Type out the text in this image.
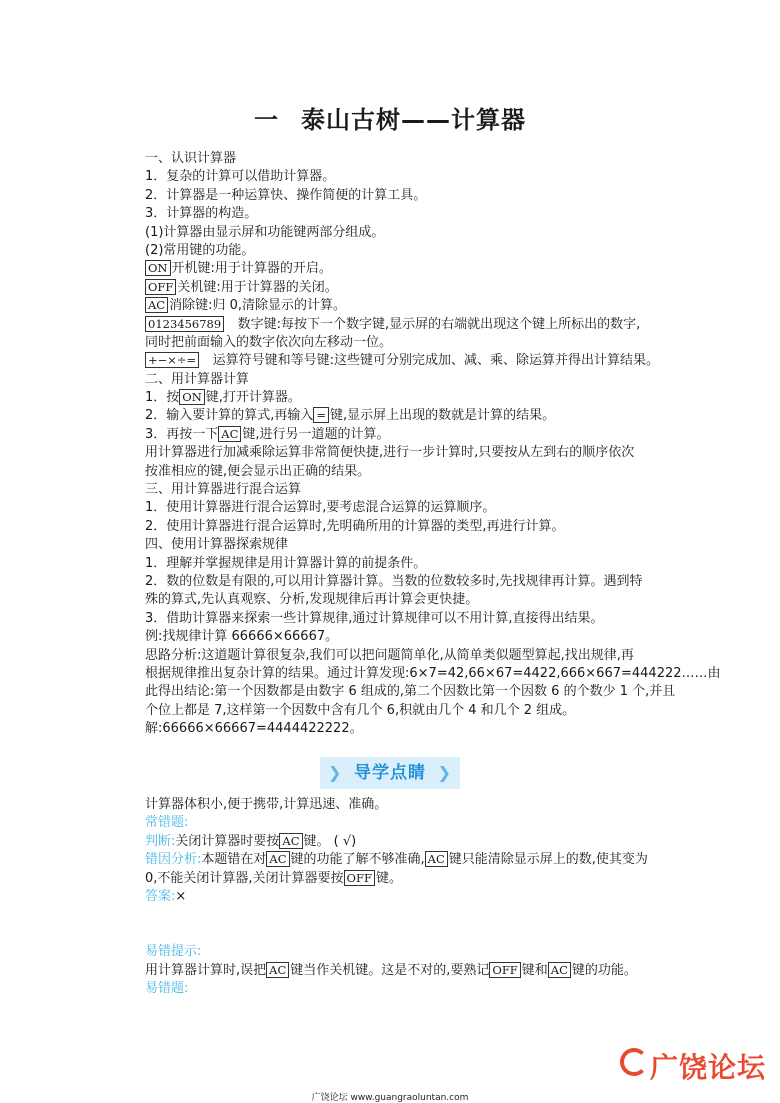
一 泰山古树——计算器
一、认识计算器
1．复杂的计算可以借助计算器。
2．计算器是一种运算快、操作简便的计算工具。
3．计算器的构造。
(1)计算器由显示屏和功能键两部分组成。
(2)常用键的功能。
ON 开机键:用于计算器的开启。
OFF 关机键:用于计算器的关闭。
AC 消除键:归 0,清除显示的计算。
0123456789 数字键:每按下一个数字键,显示屏的右端就出现这个键上所标出的数字,
同时把前面输入的数字依次向左移动一位。
+−×÷= 运算符号键和等号键:这些键可分别完成加、减、乘、除运算并得出计算结果。
二、用计算器计算
1．按 ON 键,打开计算器。
2．输入要计算的算式,再输入 = 键,显示屏上出现的数就是计算的结果。
3．再按一下 AC 键,进行另一道题的计算。
用计算器进行加减乘除运算非常简便快捷,进行一步计算时,只要按从左到右的顺序依次
按准相应的键,便会显示出正确的结果。
三、用计算器进行混合运算
1．使用计算器进行混合运算时,要考虑混合运算的运算顺序。
2．使用计算器进行混合运算时,先明确所用的计算器的类型,再进行计算。
四、使用计算器探索规律
1．理解并掌握规律是用计算器计算的前提条件。
2．数的位数是有限的,可以用计算器计算。当数的位数较多时,先找规律再计算。遇到特
殊的算式,先认真观察、分析,发现规律后再计算会更快捷。
3．借助计算器来探索一些计算规律,通过计算规律可以不用计算,直接得出结果。
例:找规律计算 66666×66667。
思路分析:这道题计算很复杂,我们可以把问题简单化,从简单类似题型算起,找出规律,再
根据规律推出复杂计算的结果。通过计算发现:6×7=42,66×67=4422,666×667=444222……由
此得出结论:第一个因数都是由数字 6 组成的,第二个因数比第一个因数 6 的个数少 1 个,并且
个位上都是 7,这样第一个因数中含有几个 6,积就由几个 4 和几个 2 组成。
解:66666×66667=4444422222。
❯ 导学点睛 ❯
计算器体积小,便于携带,计算迅速、准确。
常错题:
判断:关闭计算器时要按 AC 键。 ( √)
错因分析:本题错在对 AC 键的功能了解不够准确, AC 键只能清除显示屏上的数,使其变为
0,不能关闭计算器,关闭计算器要按 OFF 键。
答案:×
易错提示:
用计算器计算时,误把 AC 键当作关机键。这是不对的,要熟记 OFF 键和 AC 键的功能。
易错题:
广饶论坛
广饶论坛 www.guangraoluntan.com
